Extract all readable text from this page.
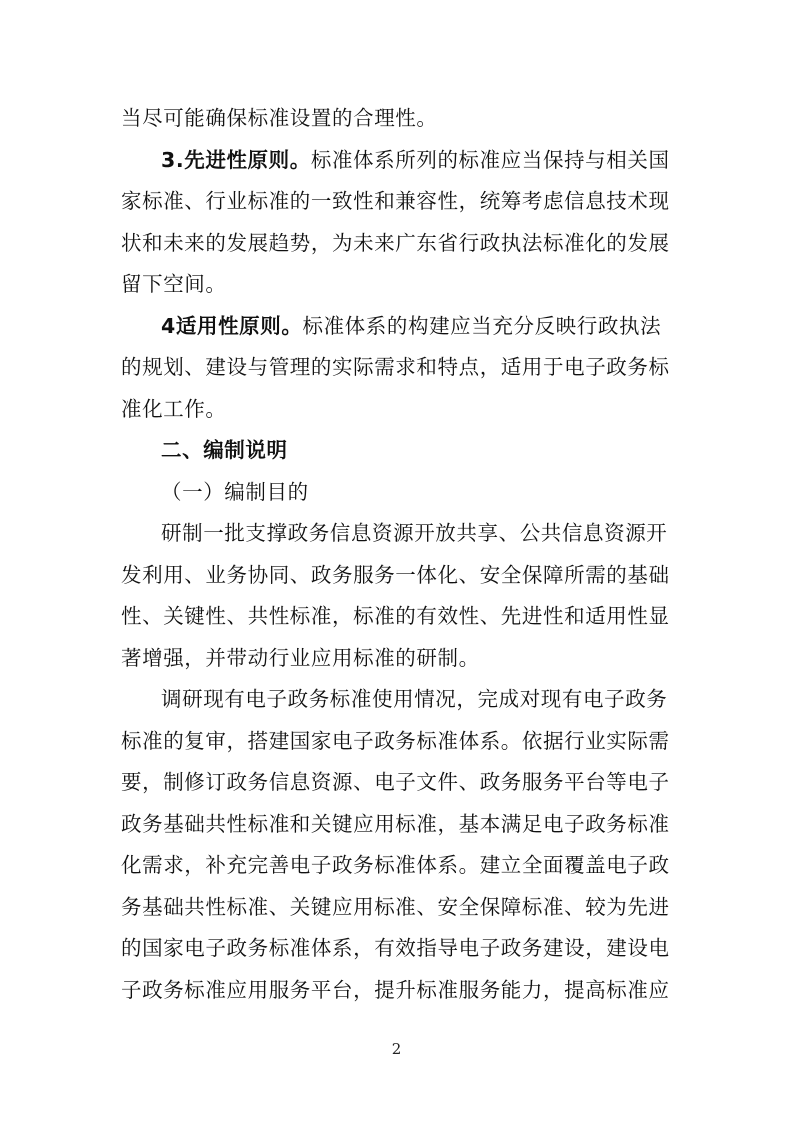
当尽可能确保标准设置的合理性。
3.先进性原则。标准体系所列的标准应当保持与相关国
家标准、行业标准的一致性和兼容性，统筹考虑信息技术现
状和未来的发展趋势，为未来广东省行政执法标准化的发展
留下空间。
4适用性原则。标准体系的构建应当充分反映行政执法
的规划、建设与管理的实际需求和特点，适用于电子政务标
准化工作。
二、编制说明
（一）编制目的
研制一批支撑政务信息资源开放共享、公共信息资源开
发利用、业务协同、政务服务一体化、安全保障所需的基础
性、关键性、共性标准，标准的有效性、先进性和适用性显
著增强，并带动行业应用标准的研制。
调研现有电子政务标准使用情况，完成对现有电子政务
标准的复审，搭建国家电子政务标准体系。依据行业实际需
要，制修订政务信息资源、电子文件、政务服务平台等电子
政务基础共性标准和关键应用标准，基本满足电子政务标准
化需求，补充完善电子政务标准体系。建立全面覆盖电子政
务基础共性标准、关键应用标准、安全保障标准、较为先进
的国家电子政务标准体系，有效指导电子政务建设，建设电
子政务标准应用服务平台，提升标准服务能力，提高标准应
2
